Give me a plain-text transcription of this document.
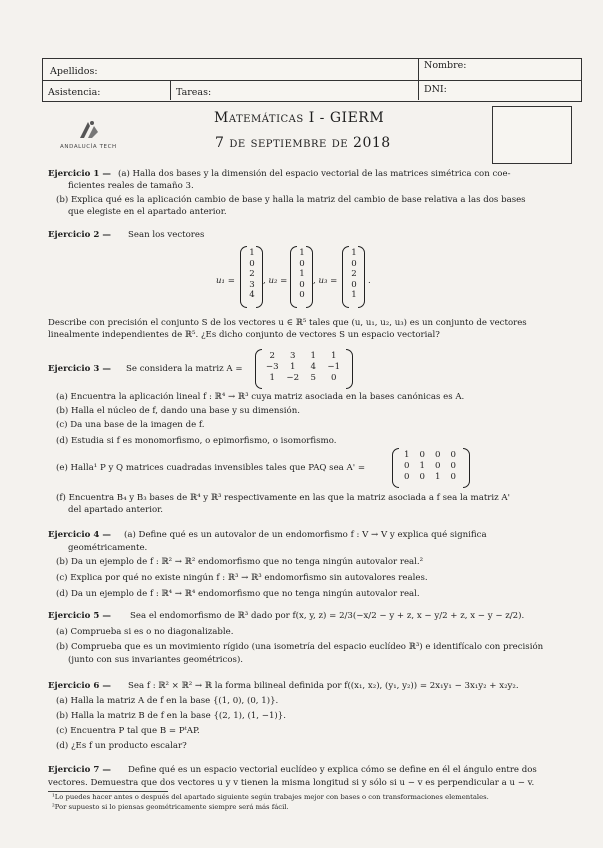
Apellidos:
Nombre:
Asistencia:	Tareas:	DNI:
ANDALUCÍA TECH
Matemáticas I - GIERM
7 de septiembre de 2018
Ejercicio 1 — (a) Halla dos bases y la dimensión del espacio vectorial de las matrices simétrica con coe-
ficientes reales de tamaño 3.
(b) Explica qué es la aplicación cambio de base y halla la matriz del cambio de base relativa a las dos bases
que elegiste en el apartado anterior.
Ejercicio 2 — Sean los vectores
u₁ =
1
0
2
3
4
, u₂ =
1
0
1
0
0
, u₃ =
1
0
2
0
1
.
Describe con precisión el conjunto S de los vectores u ∈ ℝ⁵ tales que (u, u₁, u₂, u₃) es un conjunto de vectores
linealmente independientes de ℝ⁵. ¿Es dicho conjunto de vectores S un espacio vectorial?
Ejercicio 3 — Se considera la matriz A =
2	3	1	1
−3	1	4	−1
1	−2	5	0
(a) Encuentra la aplicación lineal f : ℝ⁴ → ℝ³ cuya matriz asociada en la bases canónicas es A.
(b) Halla el núcleo de f, dando una base y su dimensión.
(c) Da una base de la imagen de f.
(d) Estudia si f es monomorfismo, o epimorfismo, o isomorfismo.
(e) Halla¹ P y Q matrices cuadradas invensibles tales que PAQ sea A' =
1	0	0	0
0	1	0	0
0	0	1	0
(f) Encuentra B₄ y B₃ bases de ℝ⁴ y ℝ³ respectivamente en las que la matriz asociada a f sea la matriz A'
del apartado anterior.
Ejercicio 4 — (a) Define qué es un autovalor de un endomorfismo f : V → V y explica qué significa
geométricamente.
(b) Da un ejemplo de f : ℝ² → ℝ² endomorfismo que no tenga ningún autovalor real.²
(c) Explica por qué no existe ningún f : ℝ³ → ℝ³ endomorfismo sin autovalores reales.
(d) Da un ejemplo de f : ℝ⁴ → ℝ⁴ endomorfismo que no tenga ningún autovalor real.
Ejercicio 5 — Sea el endomorfismo de ℝ³ dado por f(x, y, z) = 2/3(−x/2 − y + z, x − y/2 + z, x − y − z/2).
(a) Comprueba si es o no diagonalizable.
(b) Comprueba que es un movimiento rígido (una isometría del espacio euclídeo ℝ³) e identifícalo con precisión
(junto con sus invariantes geométricos).
Ejercicio 6 — Sea f : ℝ² × ℝ² → ℝ la forma bilineal definida por f((x₁, x₂), (y₁, y₂)) = 2x₁y₁ − 3x₁y₂ + x₂y₂.
(a) Halla la matriz A de f en la base {(1, 0), (0, 1)}.
(b) Halla la matriz B de f en la base {(2, 1), (1, −1)}.
(c) Encuentra P tal que B = PᵗAP.
(d) ¿Es f un producto escalar?
Ejercicio 7 — Define qué es un espacio vectorial euclídeo y explica cómo se define en él el ángulo entre dos
vectores. Demuestra que dos vectores u y v tienen la misma longitud si y sólo si u − v es perpendicular a u − v.
¹Lo puedes hacer antes o después del apartado siguiente según trabajes mejor con bases o con transformaciones elementales.
²Por supuesto si lo piensas geométricamente siempre será más fácil.
